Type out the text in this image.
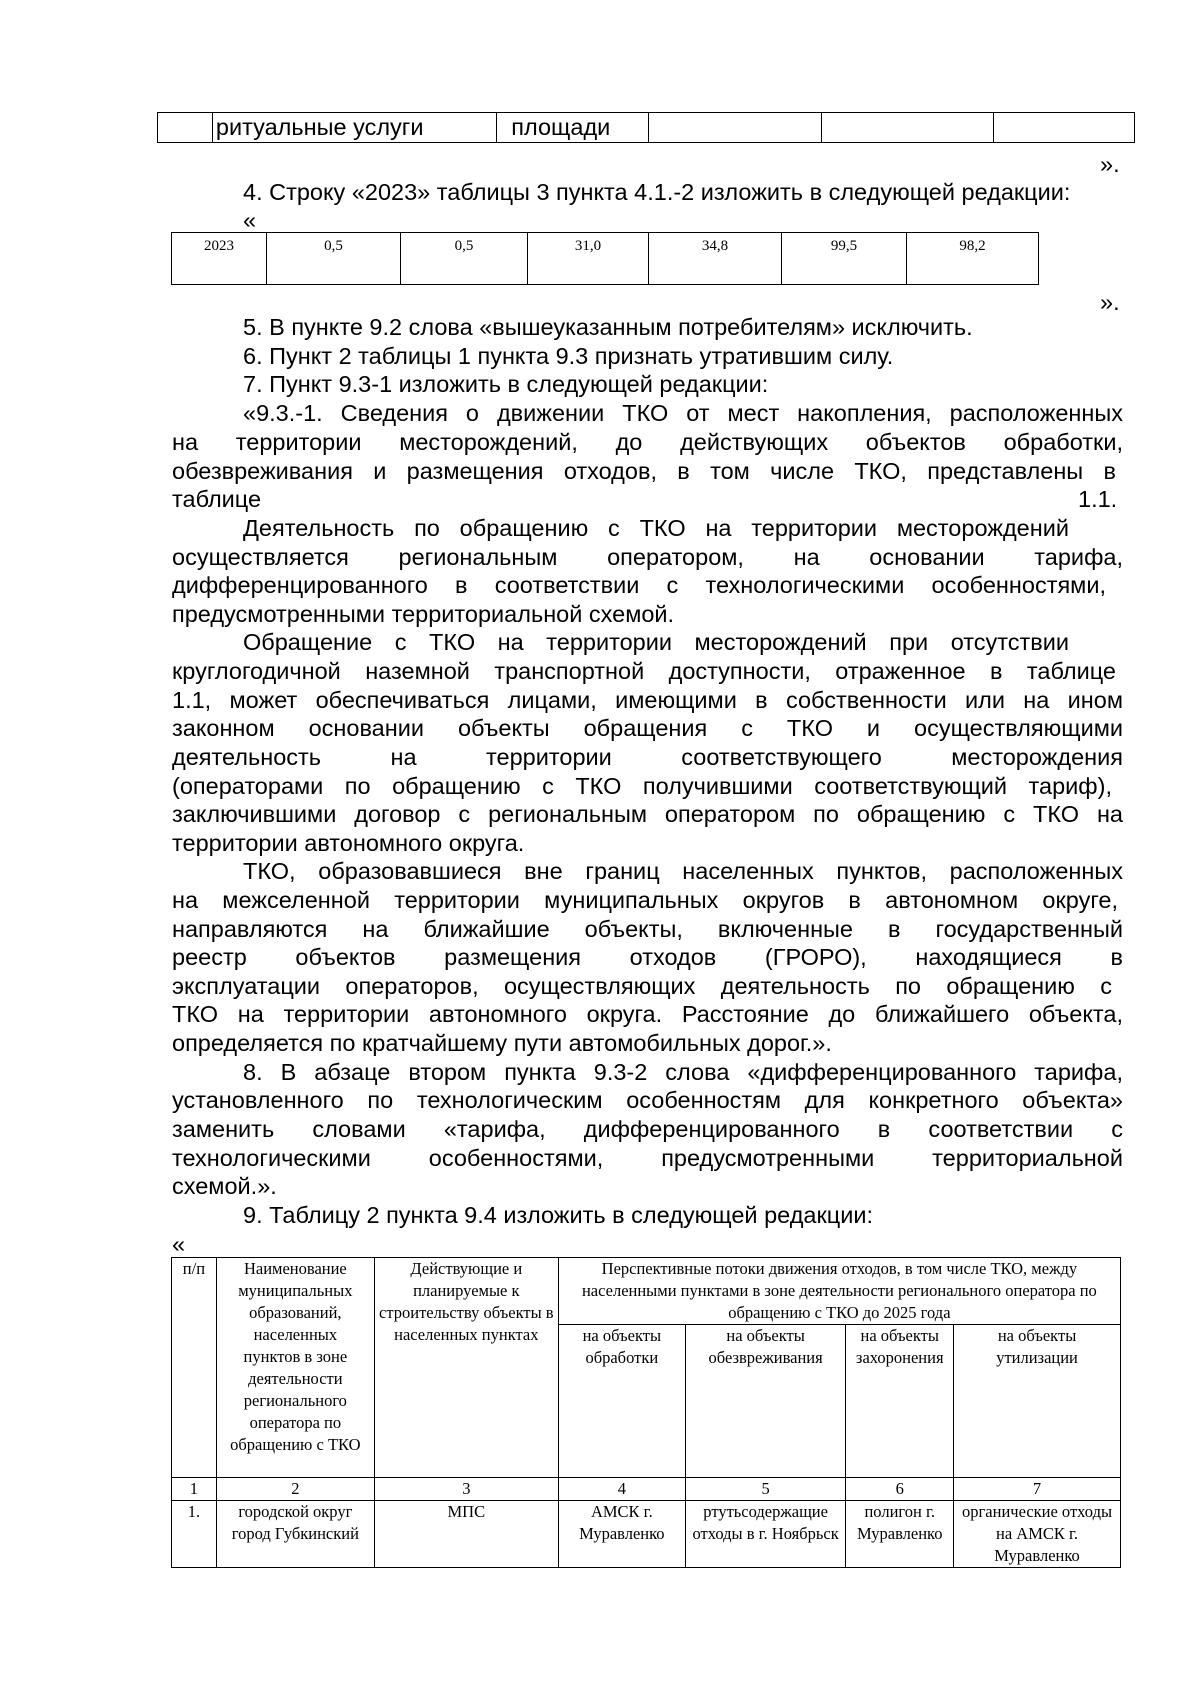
	ритуальные услуги	площади			
».
4. Строку «2023» таблицы 3 пункта 4.1.-2 изложить в следующей редакции:
«
2023	0,5	0,5	31,0	34,8	99,5	98,2
».
5. В пункте 9.2 слова «вышеуказанным потребителям» исключить.
6. Пункт 2 таблицы 1 пункта 9.3 признать утратившим силу.
7. Пункт 9.3-1 изложить в следующей редакции:
«9.3.-1. Сведения о движении ТКО от мест накопления, расположенных
на территории месторождений, до действующих объектов обработки,
обезвреживания и размещения отходов, в том числе ТКО, представлены в
таблице	1.1.
Деятельность по обращению с ТКО на территории месторождений
осуществляется региональным оператором, на основании тарифа,
дифференцированного в соответствии с технологическими особенностями,
предусмотренными территориальной схемой.
Обращение с ТКО на территории месторождений при отсутствии
круглогодичной наземной транспортной доступности, отраженное в таблице
1.1, может обеспечиваться лицами, имеющими в собственности или на ином
законном основании объекты обращения с ТКО и осуществляющими
деятельность на территории соответствующего месторождения
(операторами по обращению с ТКО получившими соответствующий тариф),
заключившими договор с региональным оператором по обращению с ТКО на
территории автономного округа.
ТКО, образовавшиеся вне границ населенных пунктов, расположенных
на межселенной территории муниципальных округов в автономном округе,
направляются на ближайшие объекты, включенные в государственный
реестр объектов размещения отходов (ГРОРО), находящиеся в
эксплуатации операторов, осуществляющих деятельность по обращению с
ТКО на территории автономного округа. Расстояние до ближайшего объекта,
определяется по кратчайшему пути автомобильных дорог.».
8. В абзаце втором пункта 9.3-2 слова «дифференцированного тарифа,
установленного по технологическим особенностям для конкретного объекта»
заменить словами «тарифа, дифференцированного в соответствии с
технологическими особенностями, предусмотренными территориальной
схемой.».
9. Таблицу 2 пункта 9.4 изложить в следующей редакции:
«
п/п	Наименование муниципальных образований, населенных пунктов в зоне деятельности регионального оператора по обращению с ТКО	Действующие и планируемые к строительству объекты в населенных пунктах	Перспективные потоки движения отходов, в том числе ТКО, между населенными пунктами в зоне деятельности регионального оператора по обращению с ТКО до 2025 года			
			на объекты обработки	на объекты обезвреживания	на объекты захоронения	на объекты утилизации
1	2	3	4	5	6	7
1.	городской округ город Губкинский	МПС	АМСК г. Муравленко	ртутьсодержащие отходы в г. Ноябрьск	полигон г. Муравленко	органические отходы на АМСК г. Муравленко
